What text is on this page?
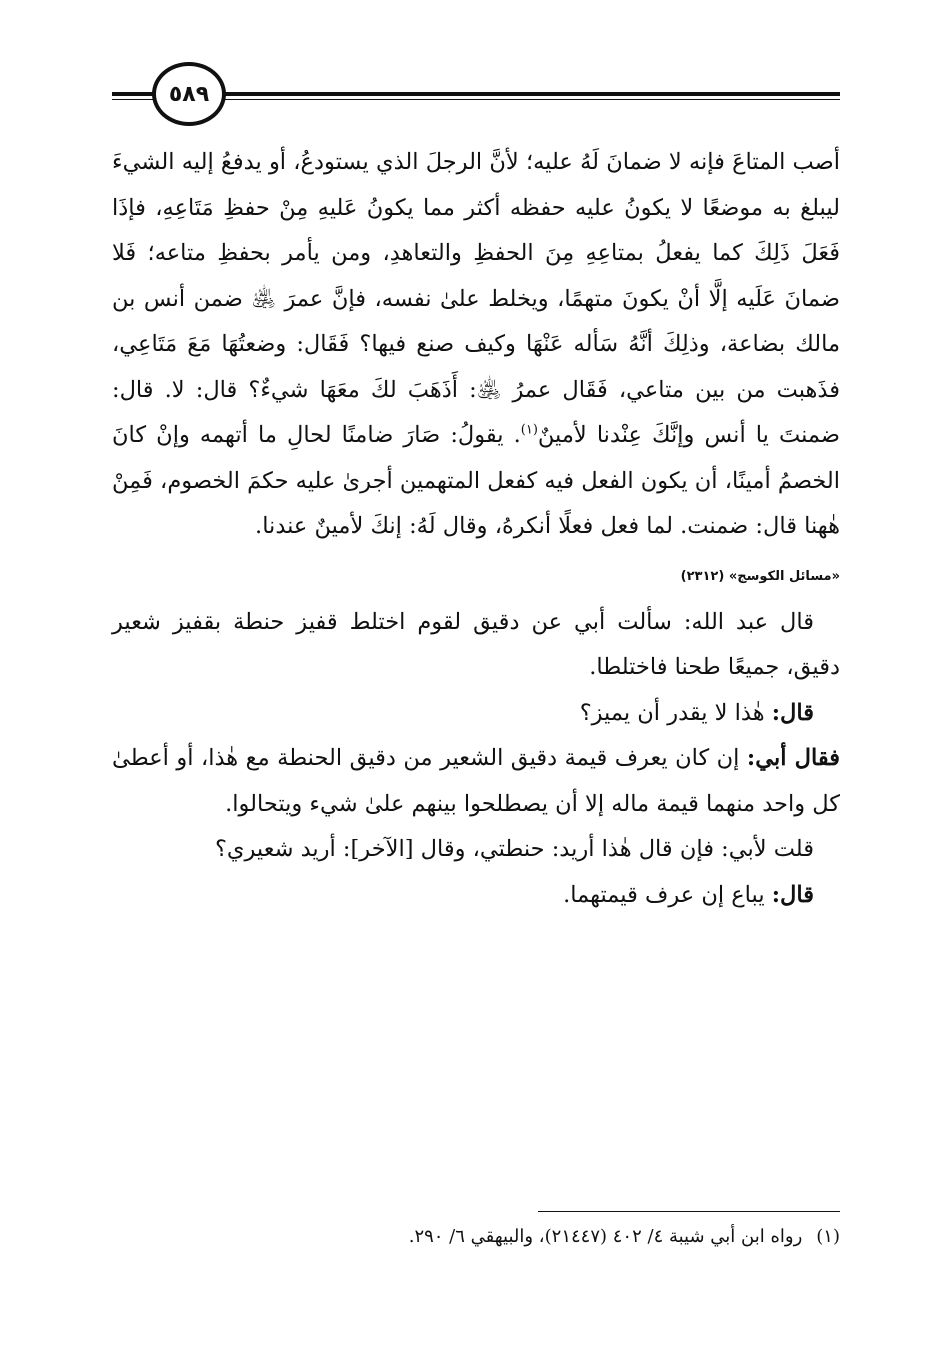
٥٨٩

أصب المتاعَ فإنه لا ضمانَ لَهُ عليه؛ لأنَّ الرجلَ الذي يستودعُ، أو يدفعُ إليه الشيءَ ليبلغ به موضعًا لا يكونُ عليه حفظه أكثر مما يكونُ عَليهِ مِنْ حفظِ مَتَاعِهِ، فإذَا فَعَلَ ذَلِكَ كما يفعلُ بمتاعِهِ مِنَ الحفظِ والتعاهدِ، ومن يأمر بحفظِ متاعه؛ فَلا ضمانَ عَلَيه إلَّا أنْ يكونَ متهمًا، ويخلط علىٰ نفسه، فإنَّ عمرَ ﵁ ضمن أنس بن مالك بضاعة، وذلِكَ أنَّهُ سَأله عَنْهَا وكيف صنع فيها؟ فَقَال: وضعتُهَا مَعَ مَتَاعِي، فذَهبت من بين متاعي، فَقَال عمرُ ﵁: أَذَهَبَ لكَ معَهَا شيءٌ؟ قال: لا. قال: ضمنتَ يا أنس وإنَّكَ عِنْدنا لأمينٌ$^{(١)}$. يقولُ: صَارَ ضامنًا لحالِ ما أتهمه وإنْ كانَ الخصمُ أمينًا، أن يكون الفعل فيه كفعل المتهمين أجرىٰ عليه حكمَ الخصوم، فَمِنْ هٰهنا قال: ضمنت. لما فعل فعلًا أنكرهُ، وقال لَهُ: إنكَ لأمينٌ عندنا.

«مسائل الكوسج» (٢٣١٢)

قال عبد الله: سألت أبي عن دقيق لقوم اختلط قفيز حنطة بقفيز شعير دقيق، جميعًا طحنا فاختلطا.

قال: هٰذا لا يقدر أن يميز؟

فقال أبي: إن كان يعرف قيمة دقيق الشعير من دقيق الحنطة مع هٰذا، أو أعطىٰ كل واحد منهما قيمة ماله إلا أن يصطلحوا بينهم علىٰ شيء ويتحالوا.

قلت لأبي: فإن قال هٰذا أريد: حنطتي، وقال [الآخر]: أريد شعيري؟

قال: يباع إن عرف قيمتهما.

(١)رواه ابن أبي شيبة ٤/ ٤٠٢ (٢١٤٤٧)، والبيهقي ٦/ ٢٩٠.
